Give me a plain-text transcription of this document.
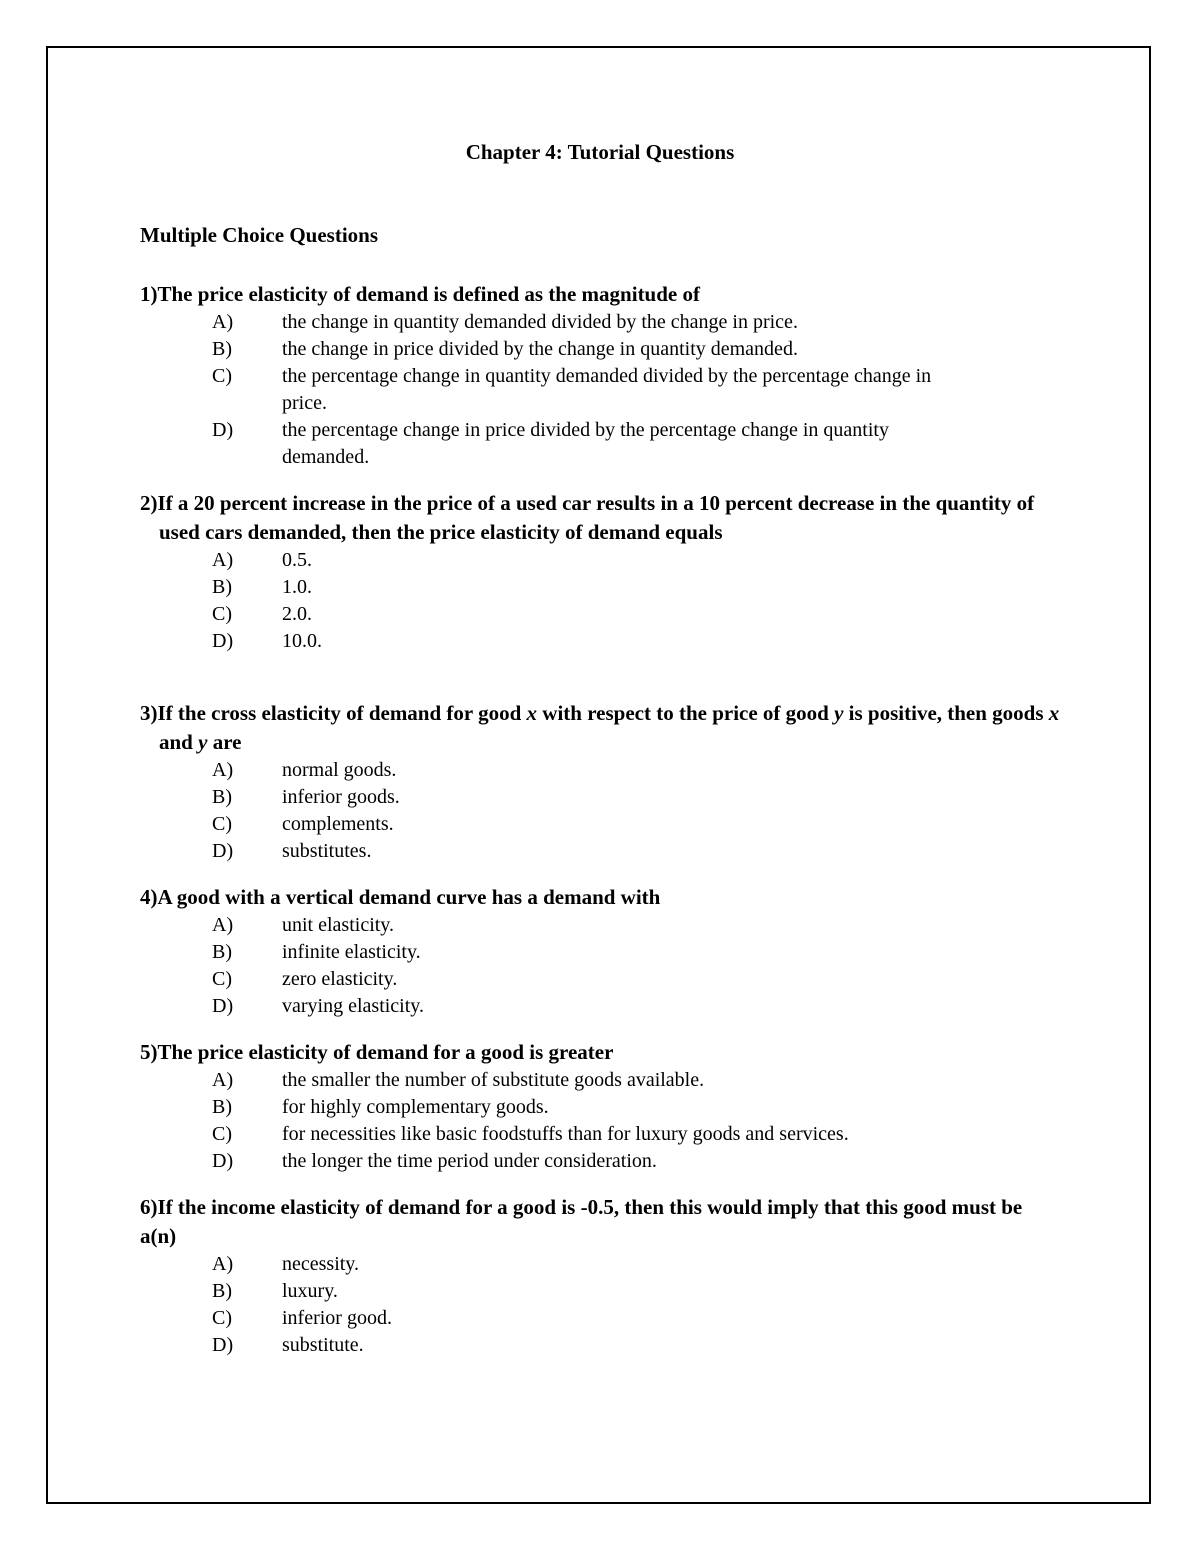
Chapter 4: Tutorial Questions
Multiple Choice Questions
1)The price elasticity of demand is defined as the magnitude of
A)	the change in quantity demanded divided by the change in price.
B)	the change in price divided by the change in quantity demanded.
C)	the percentage change in quantity demanded divided by the percentage change in price.
D)	the percentage change in price divided by the percentage change in quantity demanded.
2)If a 20 percent increase in the price of a used car results in a 10 percent decrease in the quantity of used cars demanded, then the price elasticity of demand equals
A)	0.5.
B)	1.0.
C)	2.0.
D)	10.0.
3)If the cross elasticity of demand for good x with respect to the price of good y is positive, then goods x and y are
A)	normal goods.
B)	inferior goods.
C)	complements.
D)	substitutes.
4)A good with a vertical demand curve has a demand with
A)	unit elasticity.
B)	infinite elasticity.
C)	zero elasticity.
D)	varying elasticity.
5)The price elasticity of demand for a good is greater
A)	the smaller the number of substitute goods available.
B)	for highly complementary goods.
C)	for necessities like basic foodstuffs than for luxury goods and services.
D)	the longer the time period under consideration.
6)If the income elasticity of demand for a good is -0.5, then this would imply that this good must be a(n)
A)	necessity.
B)	luxury.
C)	inferior good.
D)	substitute.
